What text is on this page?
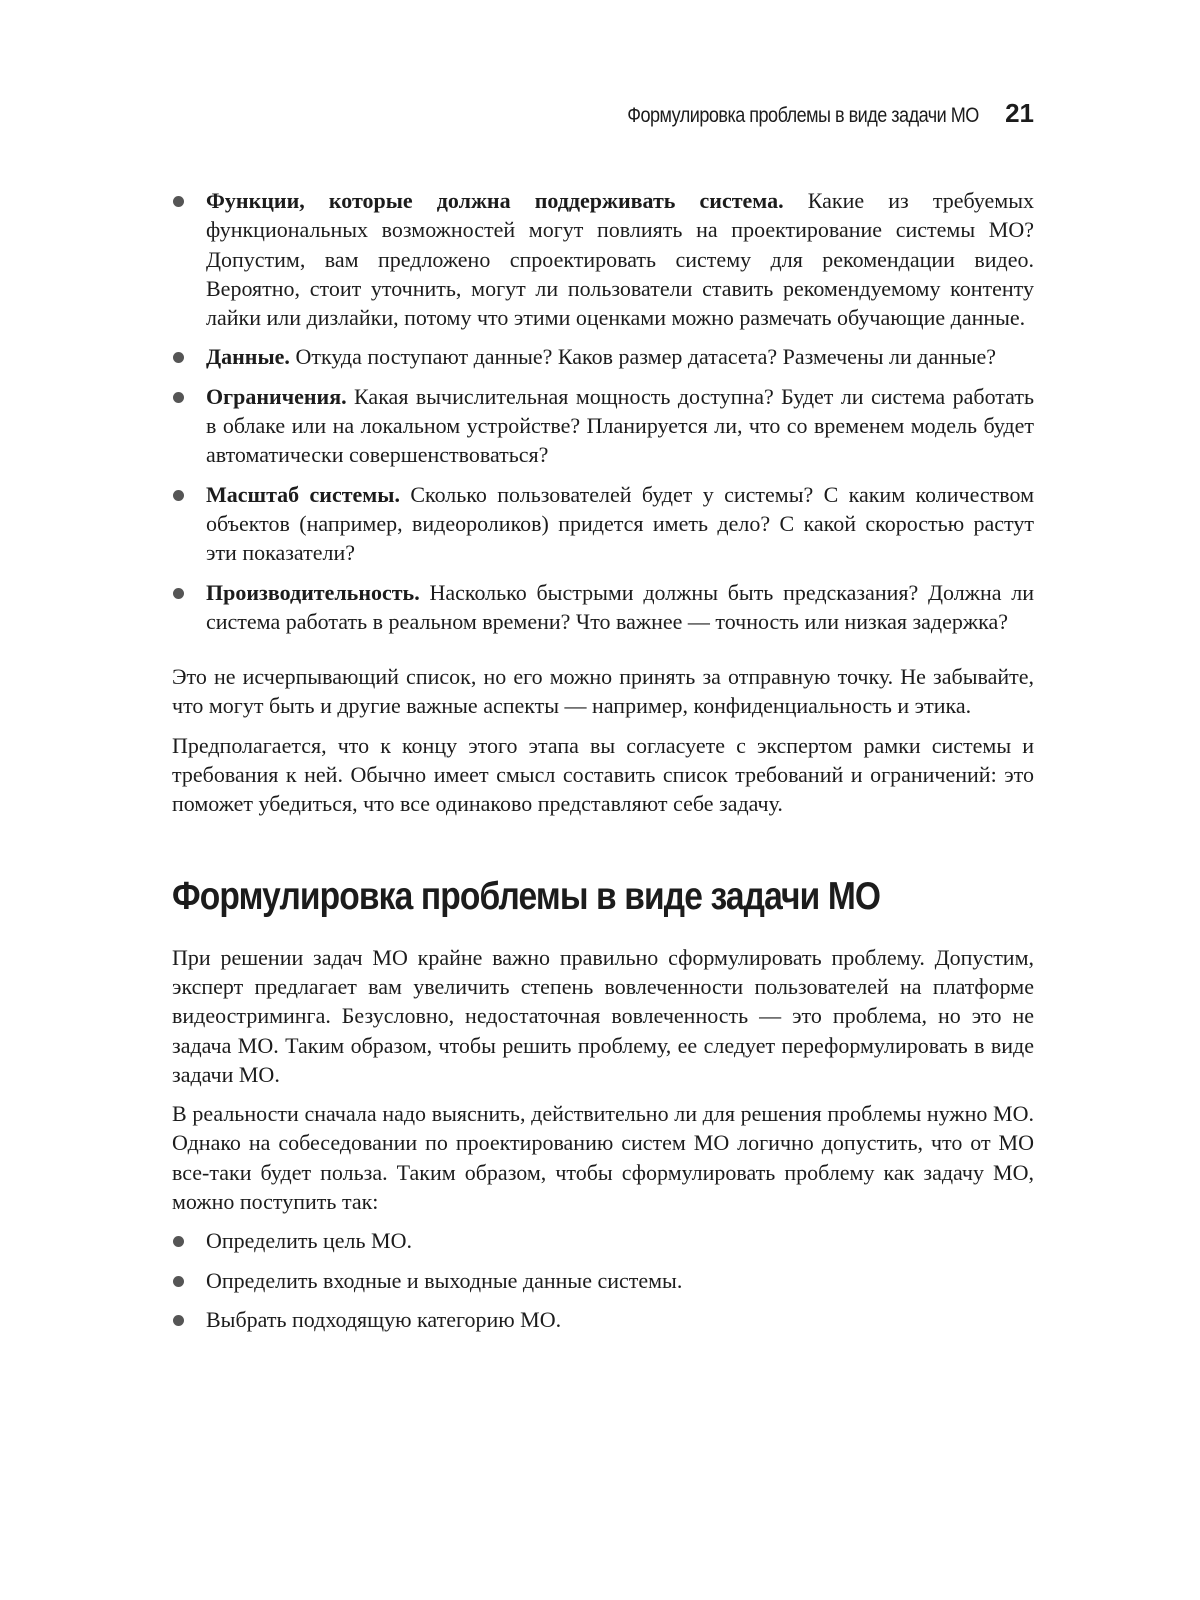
Формулировка проблемы в виде задачи МО 21
Функции, которые должна поддерживать система. Какие из требуемых функциональных возможностей могут повлиять на проектирование системы МО? Допустим, вам предложено спроектировать систему для рекомендации видео. Вероятно, стоит уточнить, могут ли пользователи ставить рекомендуемому контенту лайки или дизлайки, потому что этими оценками можно размечать обучающие данные.
Данные. Откуда поступают данные? Каков размер датасета? Размечены ли данные?
Ограничения. Какая вычислительная мощность доступна? Будет ли система работать в облаке или на локальном устройстве? Планируется ли, что со временем модель будет автоматически совершенствоваться?
Масштаб системы. Сколько пользователей будет у системы? С каким количеством объектов (например, видеороликов) придется иметь дело? С какой скоростью растут эти показатели?
Производительность. Насколько быстрыми должны быть предсказания? Должна ли система работать в реальном времени? Что важнее — точность или низкая задержка?

Это не исчерпывающий список, но его можно принять за отправную точку. Не забывайте, что могут быть и другие важные аспекты — например, конфиденциальность и этика.

Предполагается, что к концу этого этапа вы согласуете с экспертом рамки системы и требования к ней. Обычно имеет смысл составить список требований и ограничений: это поможет убедиться, что все одинаково представляют себе задачу.

Формулировка проблемы в виде задачи МО

При решении задач МО крайне важно правильно сформулировать проблему. Допустим, эксперт предлагает вам увеличить степень вовлеченности пользователей на платформе видеостриминга. Безусловно, недостаточная вовлеченность — это проблема, но это не задача МО. Таким образом, чтобы решить проблему, ее следует переформулировать в виде задачи МО.

В реальности сначала надо выяснить, действительно ли для решения проблемы нужно МО. Однако на собеседовании по проектированию систем МО логично допустить, что от МО все-таки будет польза. Таким образом, чтобы сформулировать проблему как задачу МО, можно поступить так:

Определить цель МО.
Определить входные и выходные данные системы.
Выбрать подходящую категорию МО.
